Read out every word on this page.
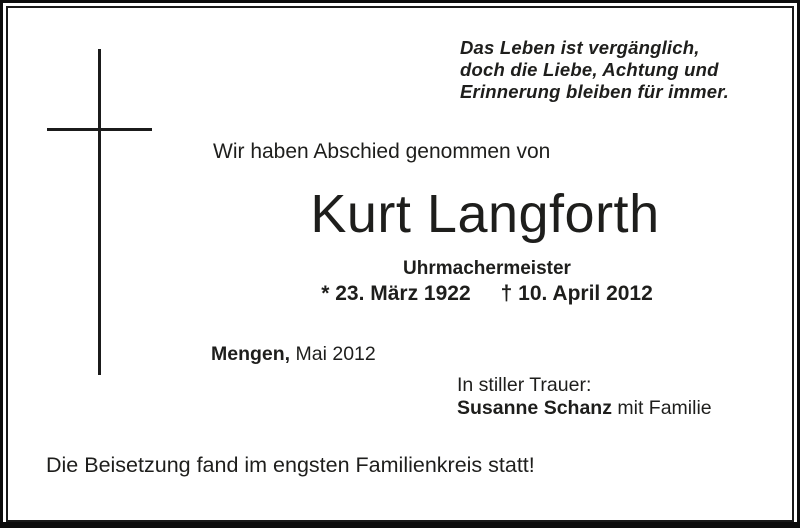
Das Leben ist vergänglich,
doch die Liebe, Achtung und
Erinnerung bleiben für immer.
Wir haben Abschied genommen von
Kurt Langforth
Uhrmachermeister
* 23. März 1922 † 10. April 2012
Mengen, Mai 2012
In stiller Trauer:
Susanne Schanz mit Familie
Die Beisetzung fand im engsten Familienkreis statt!
